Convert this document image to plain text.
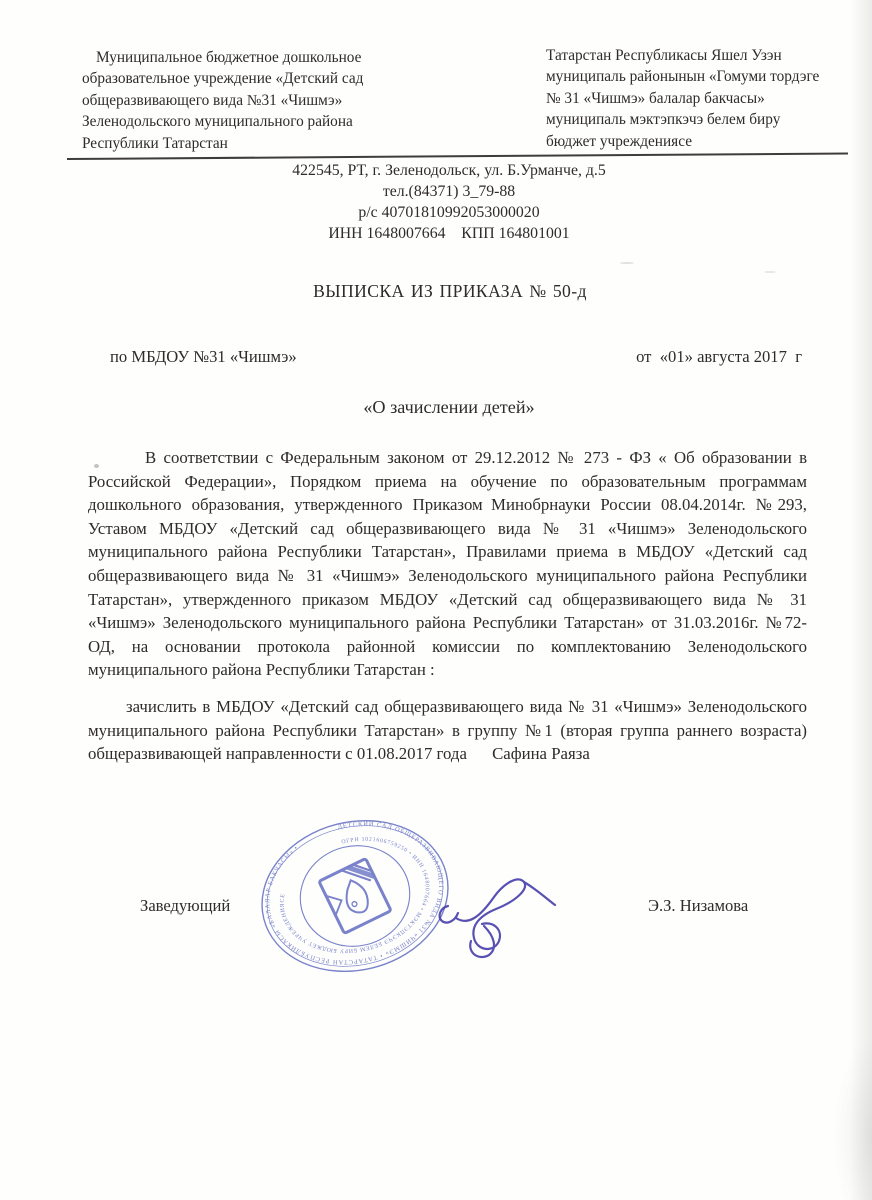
Муниципальное бюджетное дошкольное
образовательное учреждение «Детский сад
общеразвивающего вида №31 «Чишмэ»
Зеленодольского муниципального района
Республики Татарстан
Татарстан Республикасы Яшел Узэн
муниципаль районынын «Гомуми тордэге
№ 31 «Чишмэ» балалар бакчасы»
муниципаль мэктэпкэчэ белем биру
бюджет учреждениясе
422545, РТ, г. Зеленодольск, ул. Б.Урманче, д.5
тел.(84371) 3_79-88
р/с 40701810992053000020
ИНН 1648007664 КПП 164801001
ВЫПИСКА ИЗ ПРИКАЗА № 50-д
по МБДОУ №31 «Чишмэ»	от «01» августа 2017 г
«О зачислении детей»
В соответствии с Федеральным законом от 29.12.2012 № 273 - ФЗ « Об образовании в Российской Федерации», Порядком приема на обучение по образовательным программам дошкольного образования, утвержденного Приказом Минобрнауки России 08.04.2014г. №293, Уставом МБДОУ «Детский сад общеразвивающего вида № 31 «Чишмэ» Зеленодольского муниципального района Республики Татарстан», Правилами приема в МБДОУ «Детский сад общеразвивающего вида № 31 «Чишмэ» Зеленодольского муниципального района Республики Татарстан», утвержденного приказом МБДОУ «Детский сад общеразвивающего вида № 31 «Чишмэ» Зеленодольского муниципального района Республики Татарстан» от 31.03.2016г. №72-ОД, на основании протокола районной комиссии по комплектованию Зеленодольского муниципального района Республики Татарстан :
зачислить в МБДОУ «Детский сад общеразвивающего вида № 31 «Чишмэ» Зеленодольского муниципального района Республики Татарстан» в группу №1 (вторая группа раннего возраста) общеразвивающей направленности с 01.08.2017 года  Сафина Раяза
Заведующий
ДЕТСКИЙ САД ОБЩЕРАЗВИВАЮЩЕГО ВИДА №31 «ЧИШМЭ» • ТАТАРСТАН РЕСПУБЛИКАСЫ «БАЛАЛАР БАКЧАСЫ» •
ОГРН 1021606759250 • ИНН 1648007664 • МЭКТЭПКЭЧЭ БЕЛЕМ БИРУ БЮДЖЕТ УЧРЕЖДЕНИЯСЕ
Э.З. Низамова
